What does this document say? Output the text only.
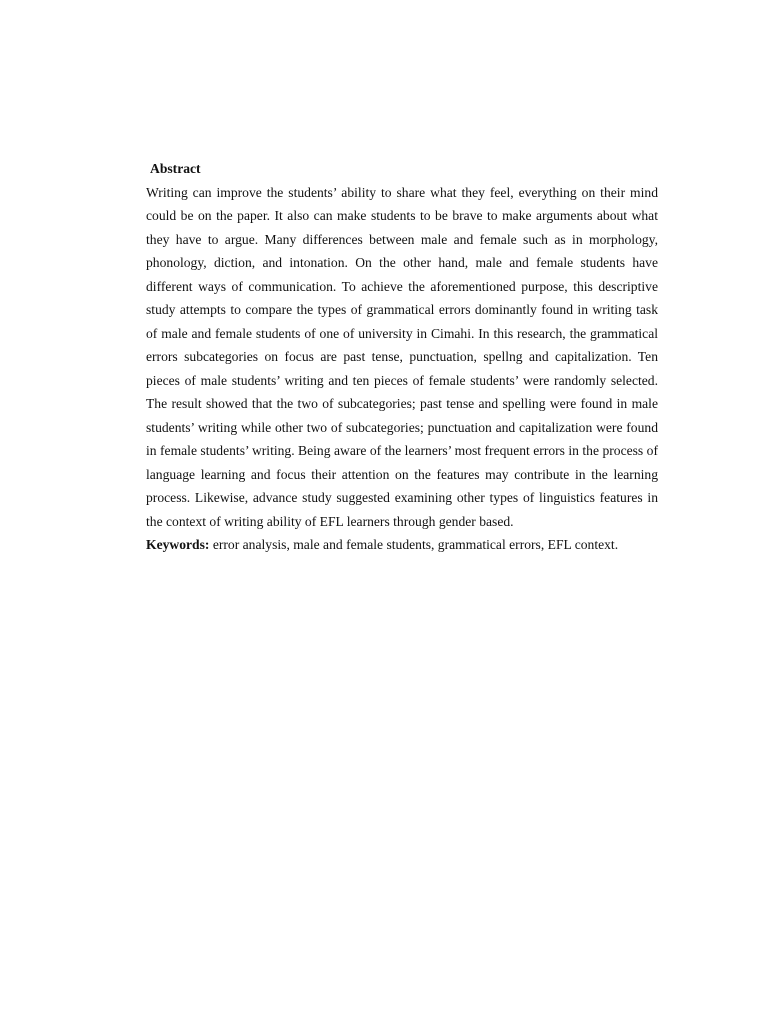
Abstract

Writing can improve the students’ ability to share what they feel, everything on their mind could be on the paper. It also can make students to be brave to make arguments about what they have to argue. Many differences between male and female such as in morphology, phonology, diction, and intonation. On the other hand, male and female students have different ways of communication. To achieve the aforementioned purpose, this descriptive study attempts to compare the types of grammatical errors dominantly found in writing task of male and female students of one of university in Cimahi. In this research, the grammatical errors subcategories on focus are past tense, punctuation, spellng and capitalization. Ten pieces of male students’ writing and ten pieces of female students’ were randomly selected. The result showed that the two of subcategories; past tense and spelling were found in male students’ writing while other two of subcategories; punctuation and capitalization were found in female students’ writing. Being aware of the learners’ most frequent errors in the process of language learning and focus their attention on the features may contribute in the learning process. Likewise, advance study suggested examining other types of linguistics features in the context of writing ability of EFL learners through gender based.

Keywords: error analysis, male and female students, grammatical errors, EFL context.
